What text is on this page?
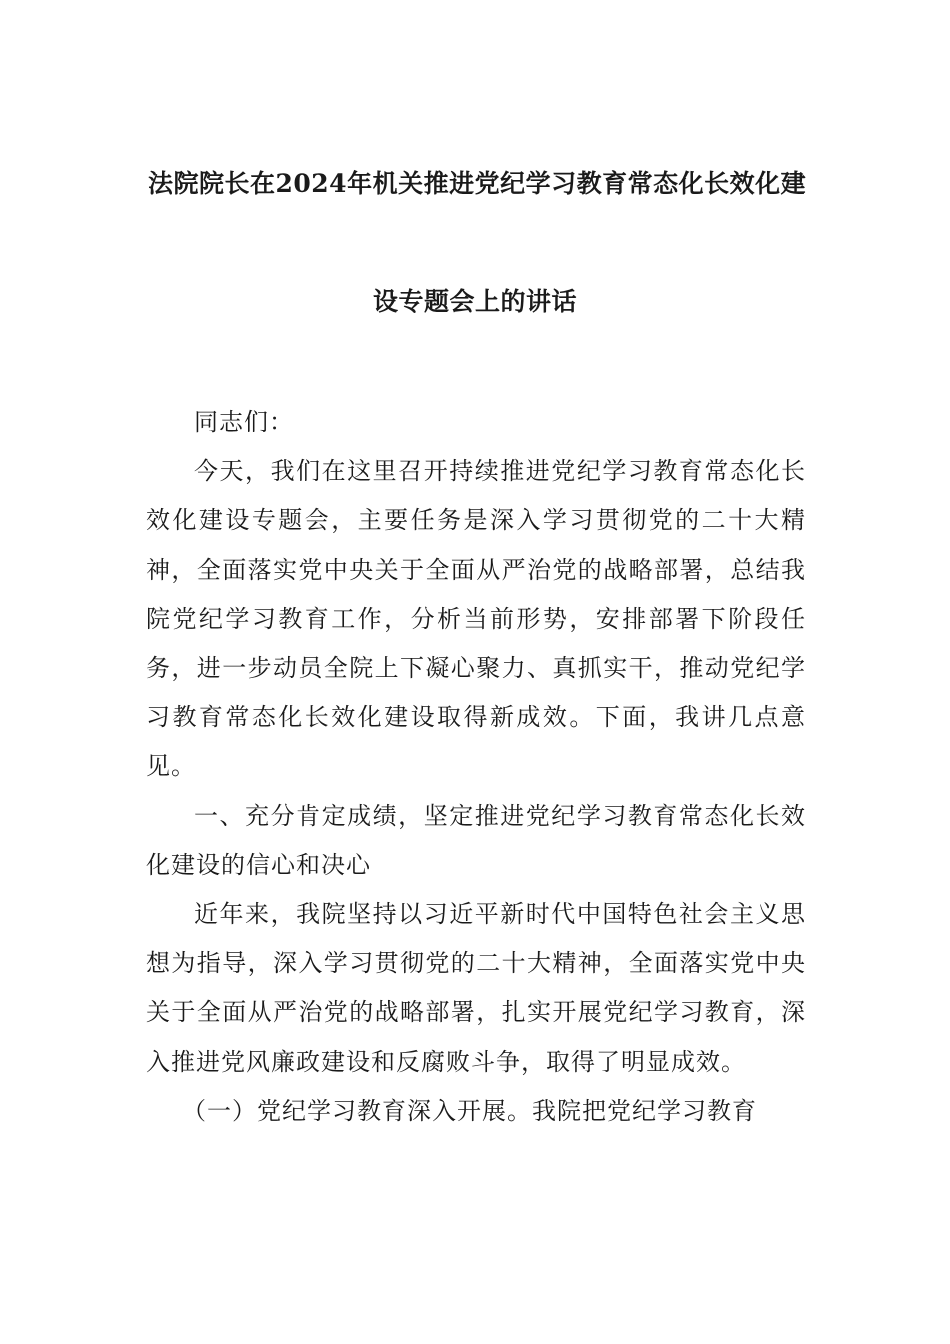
法院院长在2024年机关推进党纪学习教育常态化长效化建
设专题会上的讲话

同志们：

今天，我们在这里召开持续推进党纪学习教育常态化长效化建设专题会，主要任务是深入学习贯彻党的二十大精神，全面落实党中央关于全面从严治党的战略部署，总结我院党纪学习教育工作，分析当前形势，安排部署下阶段任务，进一步动员全院上下凝心聚力、真抓实干，推动党纪学习教育常态化长效化建设取得新成效。下面，我讲几点意见。

一、充分肯定成绩，坚定推进党纪学习教育常态化长效化建设的信心和决心

近年来，我院坚持以习近平新时代中国特色社会主义思想为指导，深入学习贯彻党的二十大精神，全面落实党中央关于全面从严治党的战略部署，扎实开展党纪学习教育，深入推进党风廉政建设和反腐败斗争，取得了明显成效。

（一）党纪学习教育深入开展。我院把党纪学习教育
